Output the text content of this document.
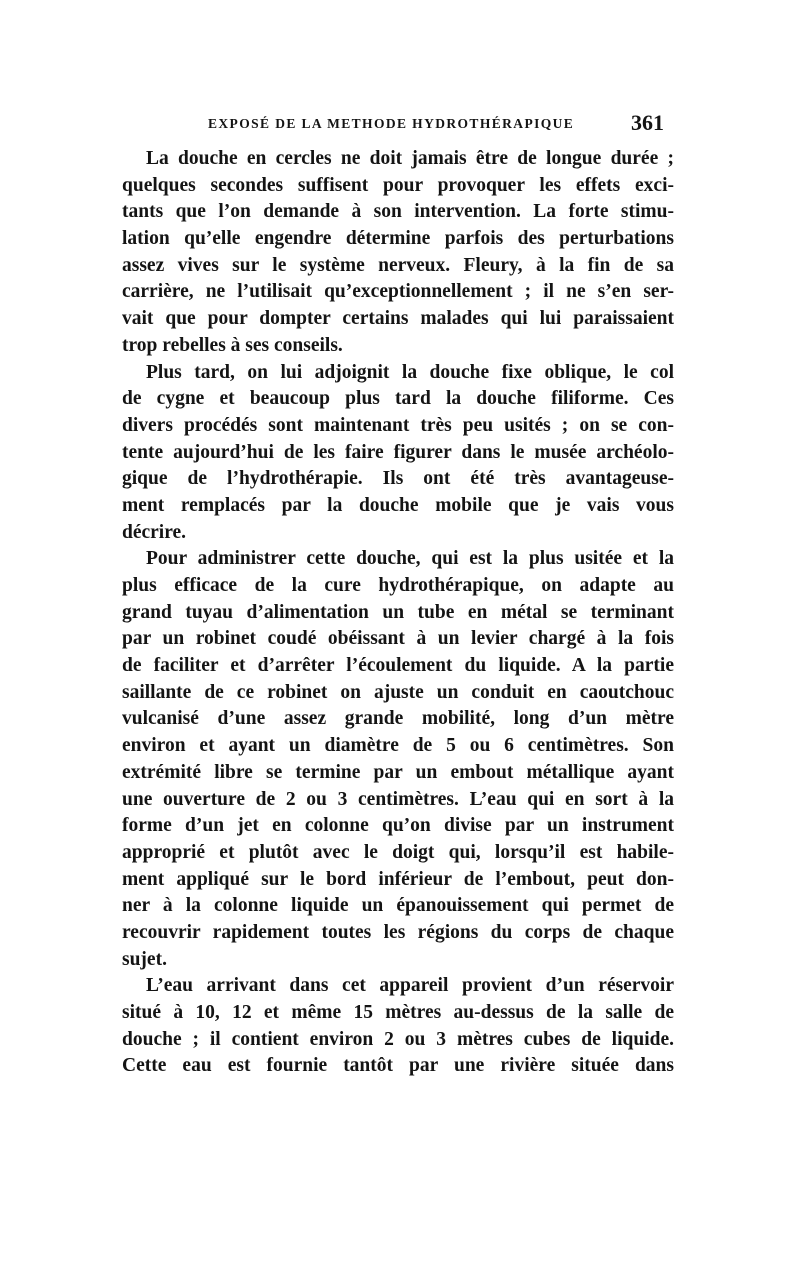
EXPOSÉ DE LA METHODE HYDROTHÉRAPIQUE	361
La douche en cercles ne doit jamais être de longue durée ;
quelques secondes suffisent pour provoquer les effets exci-
tants que l’on demande à son intervention. La forte stimu-
lation qu’elle engendre détermine parfois des perturbations
assez vives sur le système nerveux. Fleury, à la fin de sa
carrière, ne l’utilisait qu’exceptionnellement ; il ne s’en ser-
vait que pour dompter certains malades qui lui paraissaient
trop rebelles à ses conseils.
Plus tard, on lui adjoignit la douche fixe oblique, le col
de cygne et beaucoup plus tard la douche filiforme. Ces
divers procédés sont maintenant très peu usités ; on se con-
tente aujourd’hui de les faire figurer dans le musée archéolo-
gique de l’hydrothérapie. Ils ont été très avantageuse-
ment remplacés par la douche mobile que je vais vous
décrire.
Pour administrer cette douche, qui est la plus usitée et la
plus efficace de la cure hydrothérapique, on adapte au
grand tuyau d’alimentation un tube en métal se terminant
par un robinet coudé obéissant à un levier chargé à la fois
de faciliter et d’arrêter l’écoulement du liquide. A la partie
saillante de ce robinet on ajuste un conduit en caoutchouc
vulcanisé d’une assez grande mobilité, long d’un mètre
environ et ayant un diamètre de 5 ou 6 centimètres. Son
extrémité libre se termine par un embout métallique ayant
une ouverture de 2 ou 3 centimètres. L’eau qui en sort à la
forme d’un jet en colonne qu’on divise par un instrument
approprié et plutôt avec le doigt qui, lorsqu’il est habile-
ment appliqué sur le bord inférieur de l’embout, peut don-
ner à la colonne liquide un épanouissement qui permet de
recouvrir rapidement toutes les régions du corps de chaque
sujet.
L’eau arrivant dans cet appareil provient d’un réservoir
situé à 10, 12 et même 15 mètres au-dessus de la salle de
douche ; il contient environ 2 ou 3 mètres cubes de liquide.
Cette eau est fournie tantôt par une rivière située dans
